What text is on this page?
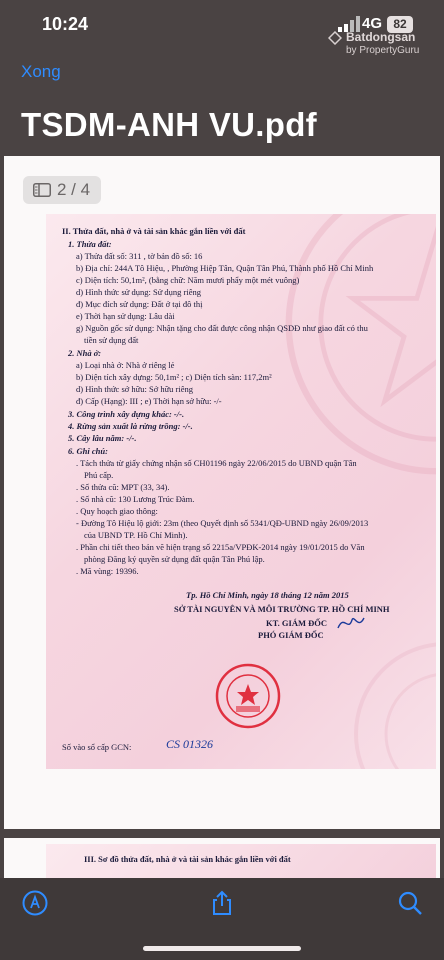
10:24	4G 82
Batdongsan
by PropertyGuru
Xong
TSDM-ANH VU.pdf
2 / 4
II. Thửa đất, nhà ở và tài sản khác gắn liền với đất
1. Thửa đất:
a) Thửa đất số: 311 , tờ bản đồ số: 16
b) Địa chỉ: 244A Tô Hiệu, , Phường Hiệp Tân, Quận Tân Phú, Thành phố Hồ Chí Minh
c) Diện tích: 50,1m², (bằng chữ: Năm mươi phẩy một mét vuông)
d) Hình thức sử dụng: Sử dụng riêng
đ) Mục đích sử dụng: Đất ở tại đô thị
e) Thời hạn sử dụng: Lâu dài
g) Nguồn gốc sử dụng: Nhận tặng cho đất được công nhận QSDĐ như giao đất có thu
tiền sử dụng đất
2. Nhà ở:
a) Loại nhà ở: Nhà ở riêng lẻ
b) Diện tích xây dựng: 50,1m² ; c) Diện tích sàn: 117,2m²
d) Hình thức sở hữu: Sở hữu riêng
đ) Cấp (Hạng): III ; e) Thời hạn sở hữu: -/-
3. Công trình xây dựng khác: -/-.
4. Rừng sản xuất là rừng trồng: -/-.
5. Cây lâu năm: -/-.
6. Ghi chú:
. Tách thửa từ giấy chứng nhận số CH01196 ngày 22/06/2015 do UBND quận Tân
Phú cấp.
. Số thửa cũ: MPT (33, 34).
. Số nhà cũ: 130 Lương Trúc Đàm.
. Quy hoạch giao thông:
- Đường Tô Hiệu lộ giới: 23m (theo Quyết định số 5341/QĐ-UBND ngày 26/09/2013
của UBND TP. Hồ Chí Minh).
. Phần chi tiết theo bản vẽ hiện trạng số 2215a/VPĐK-2014 ngày 19/01/2015 do Văn
phòng Đăng ký quyền sử dụng đất quận Tân Phú lập.
. Mã vùng: 19396.
Tp. Hồ Chí Minh, ngày 18 tháng 12 năm 2015
SỞ TÀI NGUYÊN VÀ MÔI TRƯỜNG TP. HỒ CHÍ MINH
KT. GIÁM ĐỐC
PHÓ GIÁM ĐỐC
Số vào sổ cấp GCN:	CS 01326
III. Sơ đồ thửa đất, nhà ở và tài sản khác gắn liền với đất
